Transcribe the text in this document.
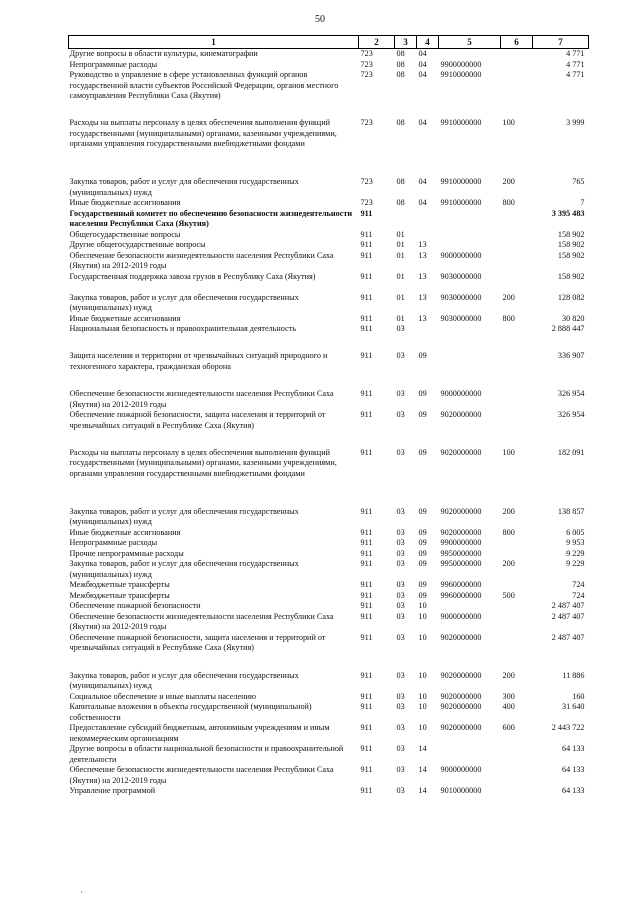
50
1	2	3	4	5	6	7
Другие вопросы в области культуры, кинематографии	723	08	04			4 771
Непрограммные расходы	723	08	04	9900000000		4 771
Руководство и управление в сфере установленных функций органов государственной власти субъектов Российской Федерации, органов местного самоуправления Республики Саха (Якутия)	723	08	04	9910000000		4 771
Расходы на выплаты персоналу в целях обеспечения выполнения функций государственными (муниципальными) органами, казенными учреждениями, органами управления государственными внебюджетными фондами	723	08	04	9910000000	100	3 999
Закупка товаров, работ и услуг для обеспечения государственных (муниципальных) нужд	723	08	04	9910000000	200	765
Иные бюджетные ассигнования	723	08	04	9910000000	800	7
Государственный комитет по обеспечению безопасности жизнедеятельности населения Республики Саха (Якутия)	911					3 395 483
Общегосударственные вопросы	911	01				158 902
Другие общегосударственные вопросы	911	01	13			158 902
Обеспечение безопасности жизнедеятельности населения Республики Саха (Якутия) на 2012-2019 годы	911	01	13	9000000000		158 902
Государственная поддержка завоза грузов в Республику Саха (Якутия)	911	01	13	9030000000		158 902
Закупка товаров, работ и услуг для обеспечения государственных (муниципальных) нужд	911	01	13	9030000000	200	128 082
Иные бюджетные ассигнования	911	01	13	9030000000	800	30 820
Национальная безопасность и правоохранительная деятельность	911	03				2 888 447
Защита населения и территории от чрезвычайных ситуаций природного и техногенного характера, гражданская оборона	911	03	09			336 907
Обеспечение безопасности жизнедеятельности населения Республики Саха (Якутия) на 2012-2019 годы	911	03	09	9000000000		326 954
Обеспечение пожарной безопасности, защита населения и территорий от чрезвычайных ситуаций в Республике Саха (Якутия)	911	03	09	9020000000		326 954
Расходы на выплаты персоналу в целях обеспечения выполнения функций государственными (муниципальными) органами, казенными учреждениями, органами управления государственными внебюджетными фондами	911	03	09	9020000000	100	182 091
Закупка товаров, работ и услуг для обеспечения государственных (муниципальных) нужд	911	03	09	9020000000	200	138 857
Иные бюджетные ассигнования	911	03	09	9020000000	800	6 005
Непрограммные расходы	911	03	09	9900000000		9 953
Прочие непрограммные расходы	911	03	09	9950000000		9 229
Закупка товаров, работ и услуг для обеспечения государственных (муниципальных) нужд	911	03	09	9950000000	200	9 229
Межбюджетные трансферты	911	03	09	9960000000		724
Межбюджетные трансферты	911	03	09	9960000000	500	724
Обеспечение пожарной безопасности	911	03	10			2 487 407
Обеспечение безопасности жизнедеятельности населения Республики Саха (Якутия) на 2012-2019 годы	911	03	10	9000000000		2 487 407
Обеспечение пожарной безопасности, защита населения и территорий от чрезвычайных ситуаций в Республике Саха (Якутия)	911	03	10	9020000000		2 487 407
Закупка товаров, работ и услуг для обеспечения государственных (муниципальных) нужд	911	03	10	9020000000	200	11 886
Социальное обеспечение и иные выплаты населению	911	03	10	9020000000	300	160
Капитальные вложения в объекты государственной (муниципальной) собственности	911	03	10	9020000000	400	31 640
Предоставление субсидий бюджетным, автономным учреждениям и иным некоммерческим организациям	911	03	10	9020000000	600	2 443 722
Другие вопросы в области национальной безопасности и правоохранительной деятельности	911	03	14			64 133
Обеспечение безопасности жизнедеятельности населения Республики Саха (Якутия) на 2012-2019 годы	911	03	14	9000000000		64 133
Управление программой	911	03	14	9010000000		64 133
·
